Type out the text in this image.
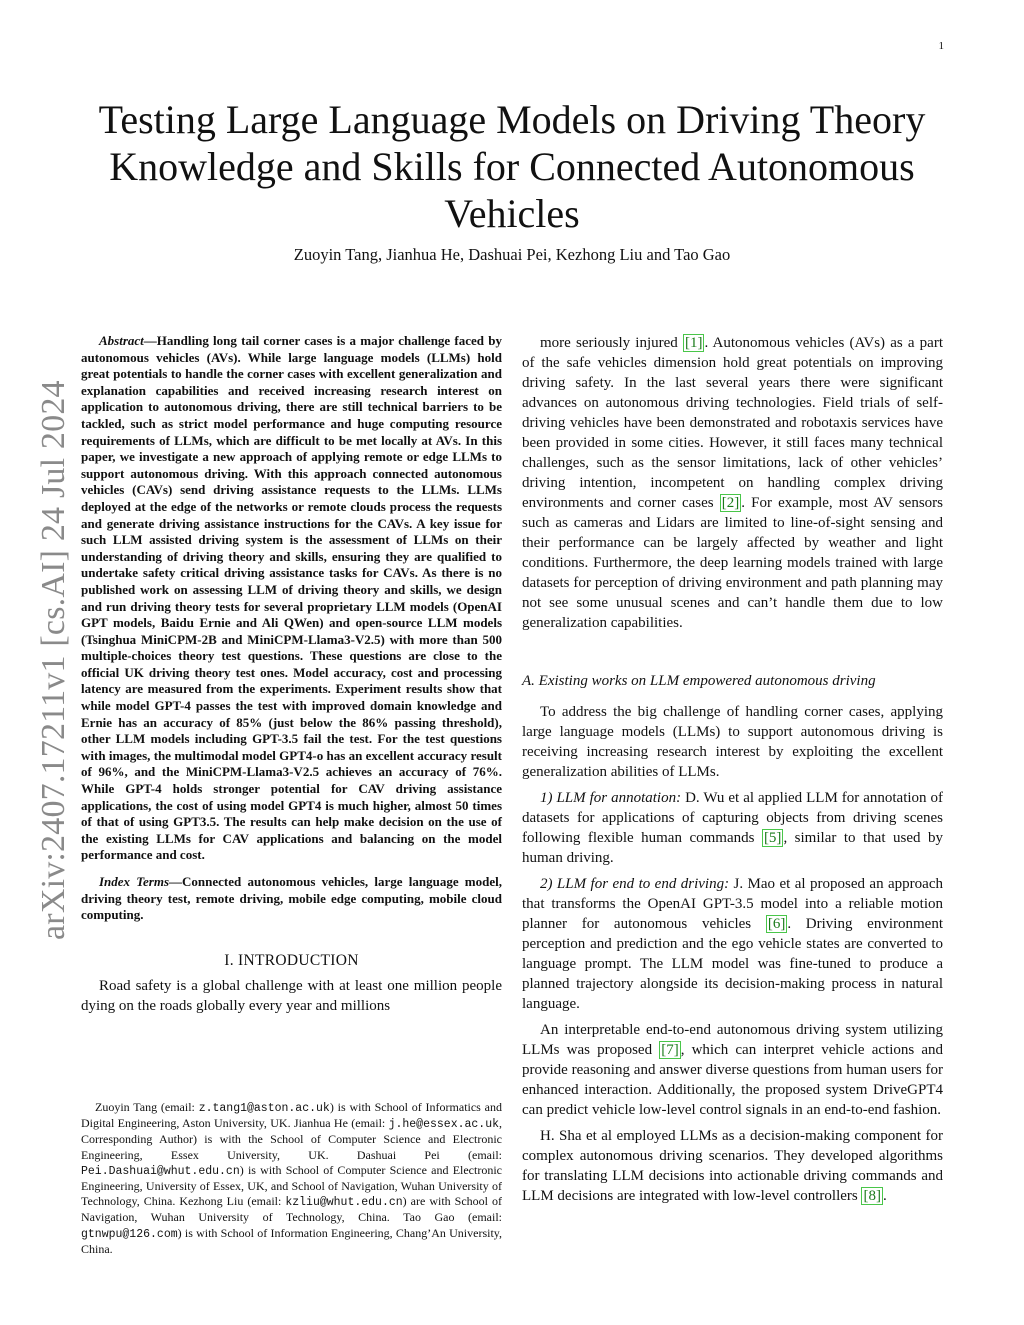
1
arXiv:2407.17211v1 [cs.AI] 24 Jul 2024
Testing Large Language Models on Driving Theory Knowledge and Skills for Connected Autonomous Vehicles
Zuoyin Tang, Jianhua He, Dashuai Pei, Kezhong Liu and Tao Gao

Abstract—Handling long tail corner cases is a major challenge faced by autonomous vehicles (AVs). While large language models (LLMs) hold great potentials to handle the corner cases with excellent generalization and explanation capabilities and received increasing research interest on application to autonomous driving, there are still technical barriers to be tackled, such as strict model performance and huge computing resource requirements of LLMs, which are difficult to be met locally at AVs. In this paper, we investigate a new approach of applying remote or edge LLMs to support autonomous driving. With this approach connected autonomous vehicles (CAVs) send driving assistance requests to the LLMs. LLMs deployed at the edge of the networks or remote clouds process the requests and generate driving assistance instructions for the CAVs. A key issue for such LLM assisted driving system is the assessment of LLMs on their understanding of driving theory and skills, ensuring they are qualified to undertake safety critical driving assistance tasks for CAVs. As there is no published work on assessing LLM of driving theory and skills, we design and run driving theory tests for several proprietary LLM models (OpenAI GPT models, Baidu Ernie and Ali QWen) and open-source LLM models (Tsinghua MiniCPM-2B and MiniCPM-Llama3-V2.5) with more than 500 multiple-choices theory test questions. These questions are close to the official UK driving theory test ones. Model accuracy, cost and processing latency are measured from the experiments. Experiment results show that while model GPT-4 passes the test with improved domain knowledge and Ernie has an accuracy of 85% (just below the 86% passing threshold), other LLM models including GPT-3.5 fail the test. For the test questions with images, the multimodal model GPT4-o has an excellent accuracy result of 96%, and the MiniCPM-Llama3-V2.5 achieves an accuracy of 76%. While GPT-4 holds stronger potential for CAV driving assistance applications, the cost of using model GPT4 is much higher, almost 50 times of that of using GPT3.5. The results can help make decision on the use of the existing LLMs for CAV applications and balancing on the model performance and cost.

Index Terms—Connected autonomous vehicles, large language model, driving theory test, remote driving, mobile edge computing, mobile cloud computing.

I. INTRODUCTION

Road safety is a global challenge with at least one million people dying on the roads globally every year and millions

more seriously injured [1] . Autonomous vehicles (AVs) as a part of the safe vehicles dimension hold great potentials on improving driving safety. In the last several years there were significant advances on autonomous driving technologies. Field trials of self-driving vehicles have been demonstrated and robotaxis services have been provided in some cities. However, it still faces many technical challenges, such as the sensor limitations, lack of other vehicles’ driving intention, incompetent on handling complex driving environments and corner cases [2] . For example, most AV sensors such as cameras and Lidars are limited to line-of-sight sensing and their performance can be largely affected by weather and light conditions. Furthermore, the deep learning models trained with large datasets for perception of driving environment and path planning may not see some unusual scenes and can’t handle them due to low generalization capabilities.

A. Existing works on LLM empowered autonomous driving

To address the big challenge of handling corner cases, applying large language models (LLMs) to support autonomous driving is receiving increasing research interest by exploiting the excellent generalization abilities of LLMs.

1) LLM for annotation: D. Wu et al applied LLM for annotation of datasets for applications of capturing objects from driving scenes following flexible human commands [5] , similar to that used by human driving.

2) LLM for end to end driving: J. Mao et al proposed an approach that transforms the OpenAI GPT-3.5 model into a reliable motion planner for autonomous vehicles [6] . Driving environment perception and prediction and the ego vehicle states are converted to language prompt. The LLM model was fine-tuned to produce a planned trajectory alongside its decision-making process in natural language.

An interpretable end-to-end autonomous driving system utilizing LLMs was proposed [7] , which can interpret vehicle actions and provide reasoning and answer diverse questions from human users for enhanced interaction. Additionally, the proposed system DriveGPT4 can predict vehicle low-level control signals in an end-to-end fashion.

H. Sha et al employed LLMs as a decision-making component for complex autonomous driving scenarios. They developed algorithms for translating LLM decisions into actionable driving commands and LLM decisions are integrated with low-level controllers [8] .

Zuoyin Tang (email: z.tang1@aston.ac.uk) is with School of Informatics and Digital Engineering, Aston University, UK. Jianhua He (email: j.he@essex.ac.uk, Corresponding Author) is with the School of Computer Science and Electronic Engineering, Essex University, UK. Dashuai Pei (email: Pei.Dashuai@whut.edu.cn) is with School of Computer Science and Electronic Engineering, University of Essex, UK, and School of Navigation, Wuhan University of Technology, China. Kezhong Liu (email: kzliu@whut.edu.cn) are with School of Navigation, Wuhan University of Technology, China. Tao Gao (email: gtnwpu@126.com) is with School of Information Engineering, Chang’An University, China.
